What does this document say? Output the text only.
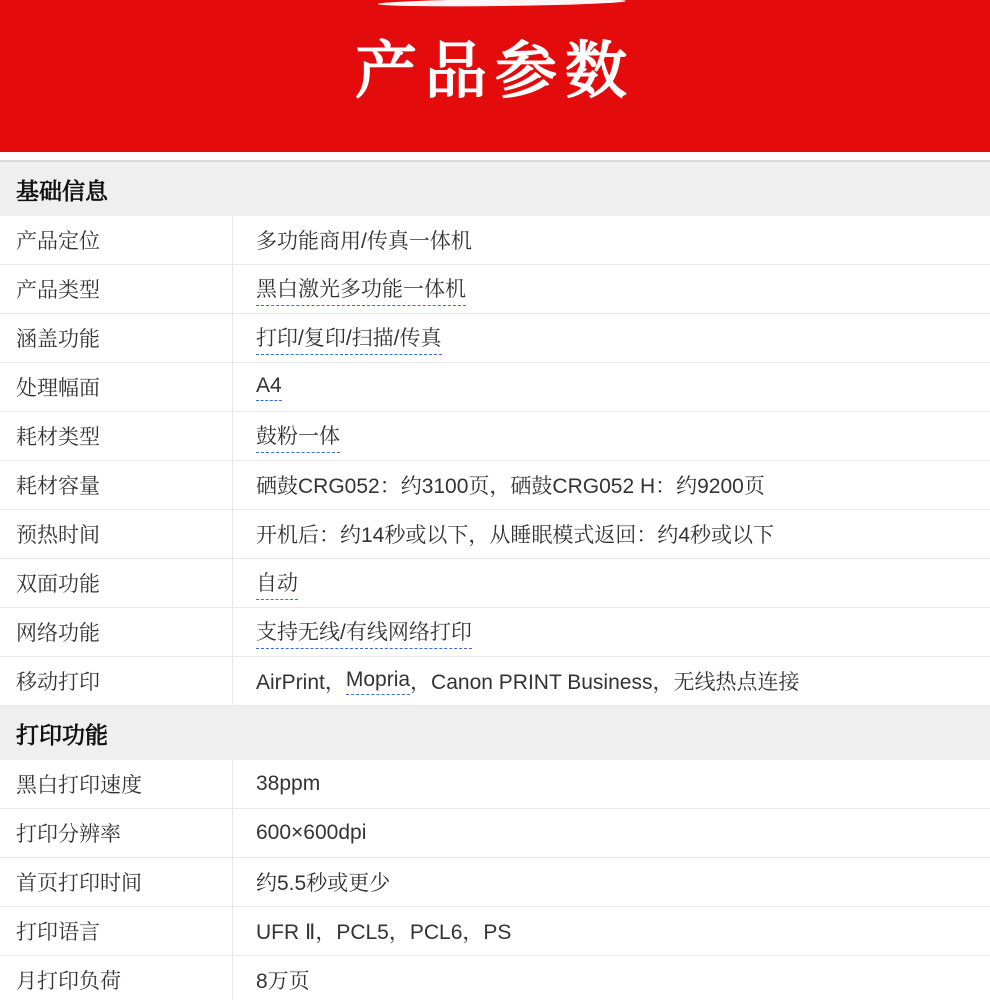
产品参数
基础信息
产品定位	多功能商用/传真一体机
产品类型	黑白激光多功能一体机
涵盖功能	打印/复印/扫描/传真
处理幅面	A4
耗材类型	鼓粉一体
耗材容量	硒鼓CRG052：约3100页，硒鼓CRG052 H：约9200页
预热时间	开机后：约14秒或以下，从睡眠模式返回：约4秒或以下
双面功能	自动
网络功能	支持无线/有线网络打印
移动打印	AirPrint， Mopria ，Canon PRINT Business，无线热点连接
打印功能
黑白打印速度	38ppm
打印分辨率	600×600dpi
首页打印时间	约5.5秒或更少
打印语言	UFR Ⅱ，PCL5，PCL6，PS
月打印负荷	8万页
